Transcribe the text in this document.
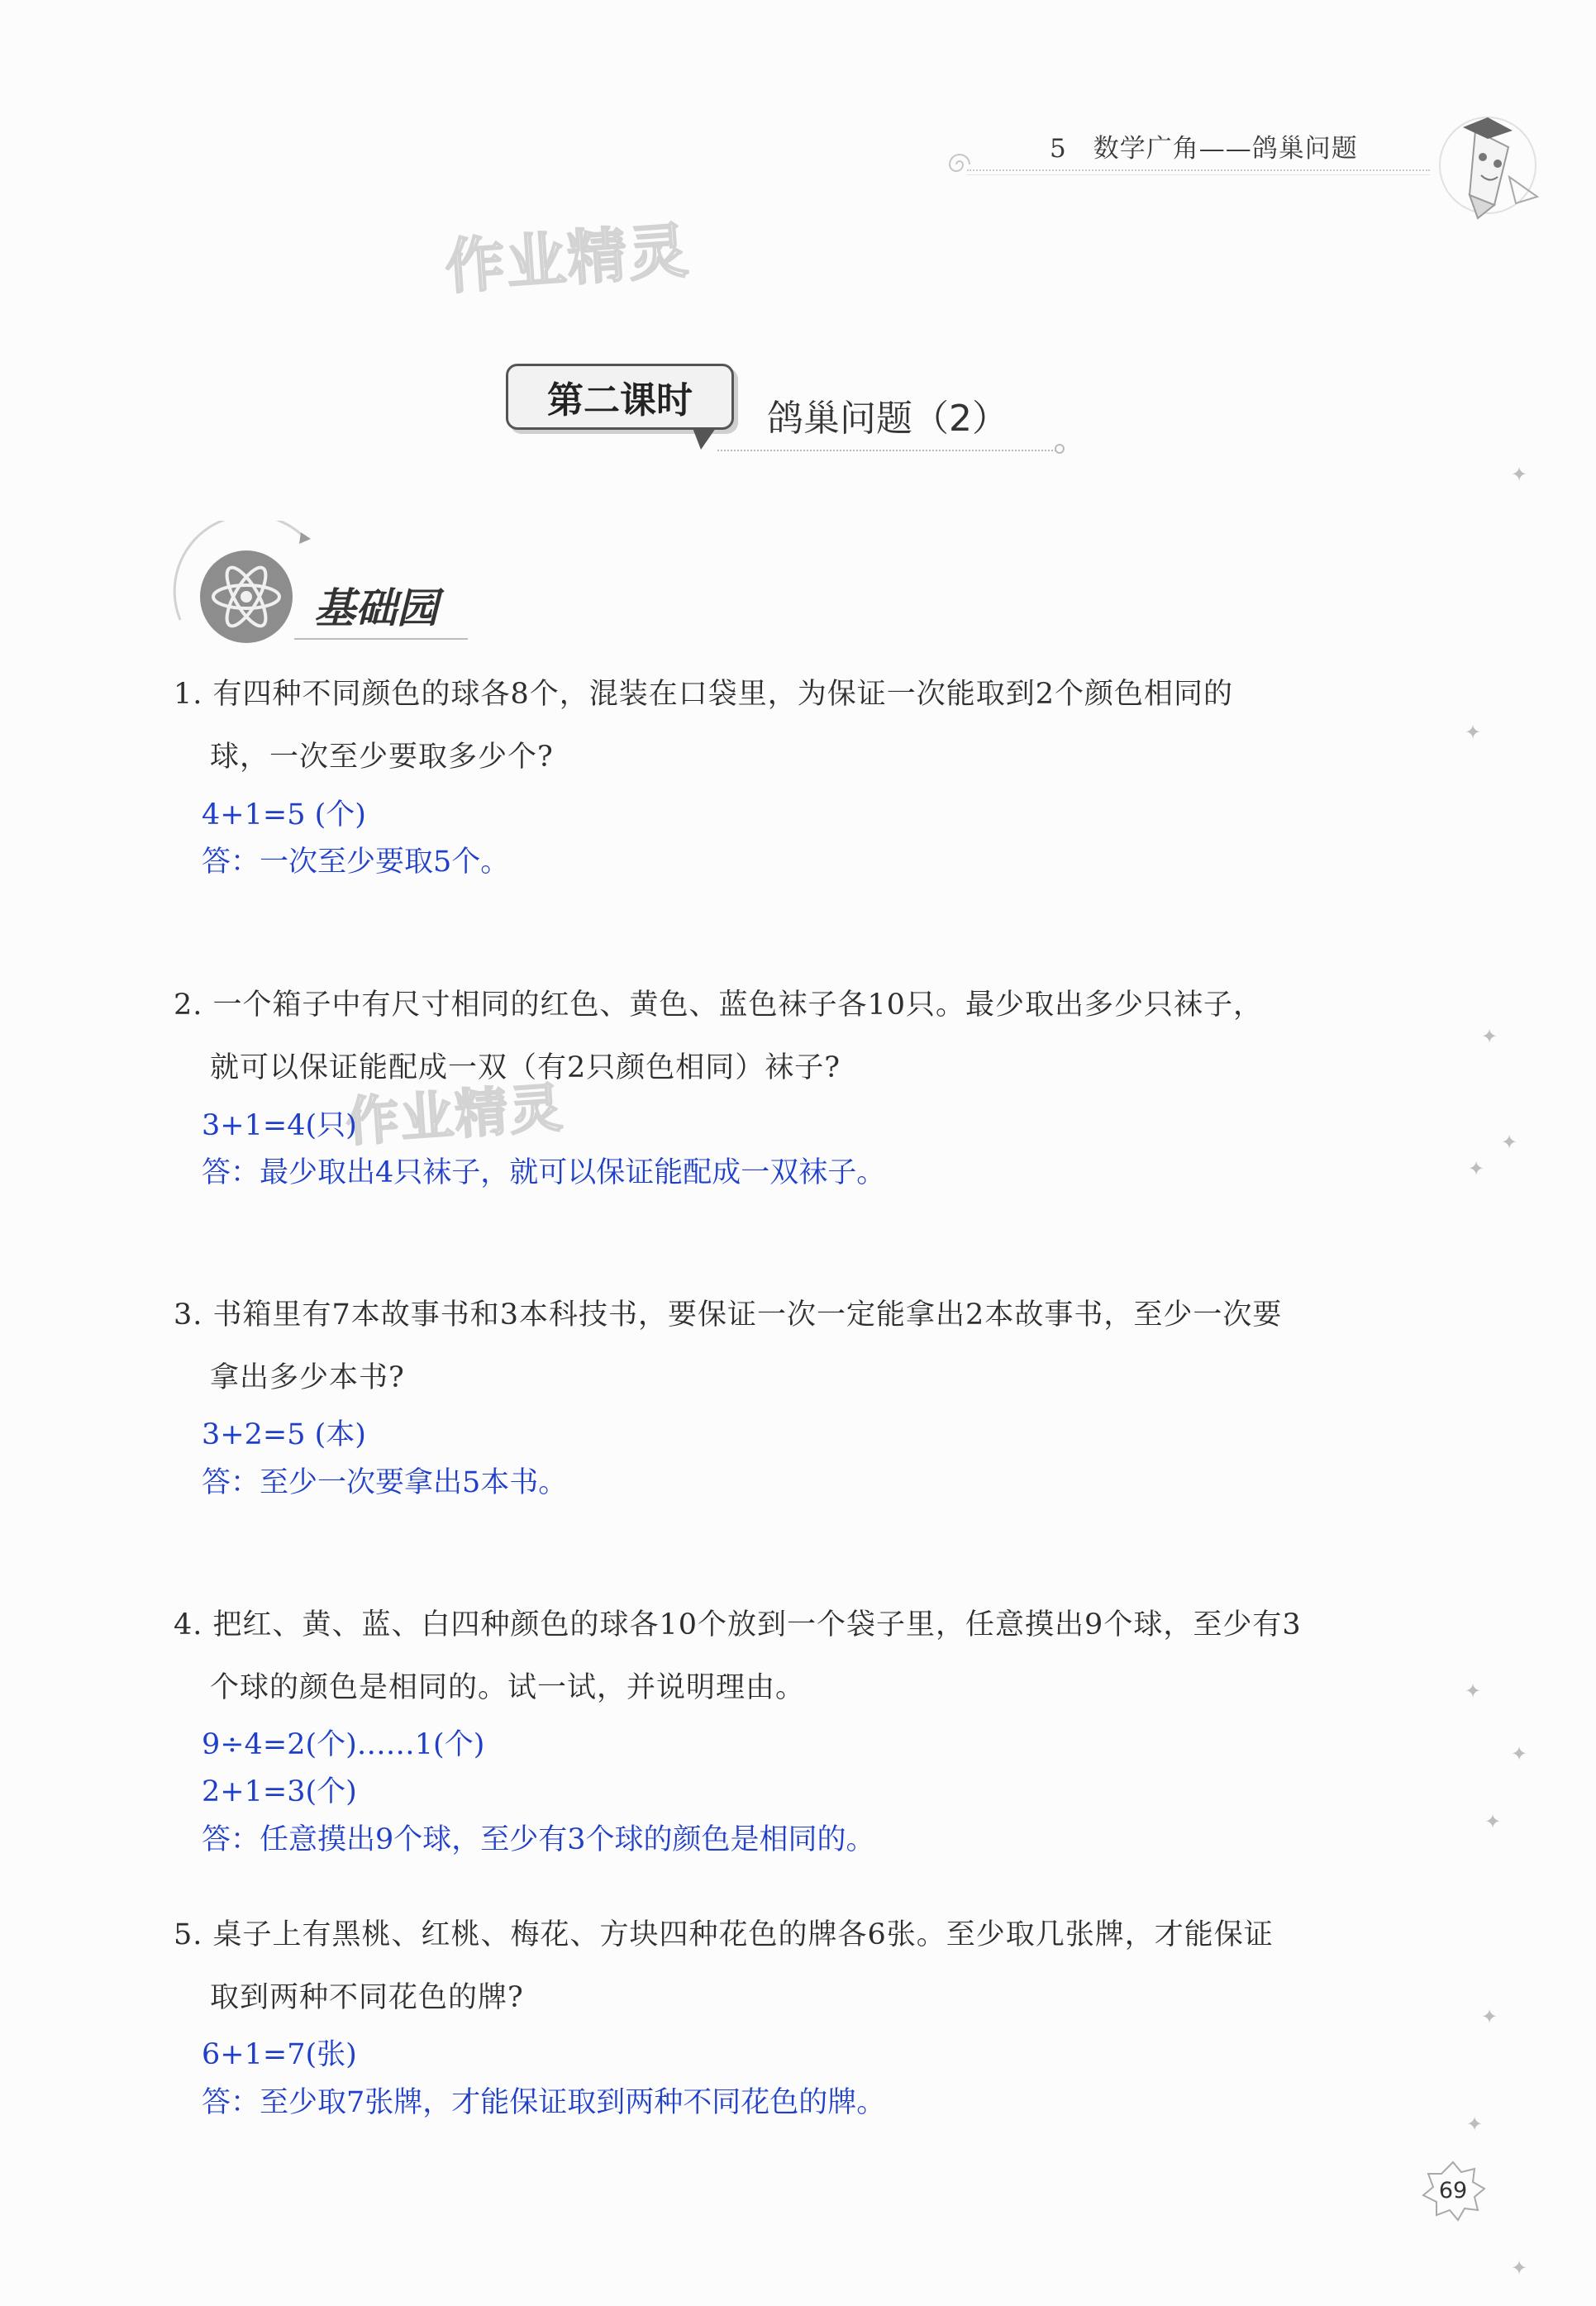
5　数学广角——鸽巢问题
作业精灵
作业精灵
第二课时	鸽巢问题（2）
基础园
1. 有四种不同颜色的球各8个，混装在口袋里，为保证一次能取到2个颜色相同的
球，一次至少要取多少个?
4+1=5 (个)
答：一次至少要取5个。
2. 一个箱子中有尺寸相同的红色、黄色、蓝色袜子各10只。最少取出多少只袜子，
就可以保证能配成一双（有2只颜色相同）袜子?
3+1=4(只)
答：最少取出4只袜子，就可以保证能配成一双袜子。
3. 书箱里有7本故事书和3本科技书，要保证一次一定能拿出2本故事书，至少一次要
拿出多少本书?
3+2=5 (本)
答：至少一次要拿出5本书。
4. 把红、黄、蓝、白四种颜色的球各10个放到一个袋子里，任意摸出9个球，至少有3
个球的颜色是相同的。试一试，并说明理由。
9÷4=2(个)……1(个)
2+1=3(个)
答：任意摸出9个球，至少有3个球的颜色是相同的。
5. 桌子上有黑桃、红桃、梅花、方块四种花色的牌各6张。至少取几张牌，才能保证
取到两种不同花色的牌?
6+1=7(张)
答：至少取7张牌，才能保证取到两种不同花色的牌。
✦
✦
✦
✦
✦
✦
✦
✦
✦
✦
✦
69
